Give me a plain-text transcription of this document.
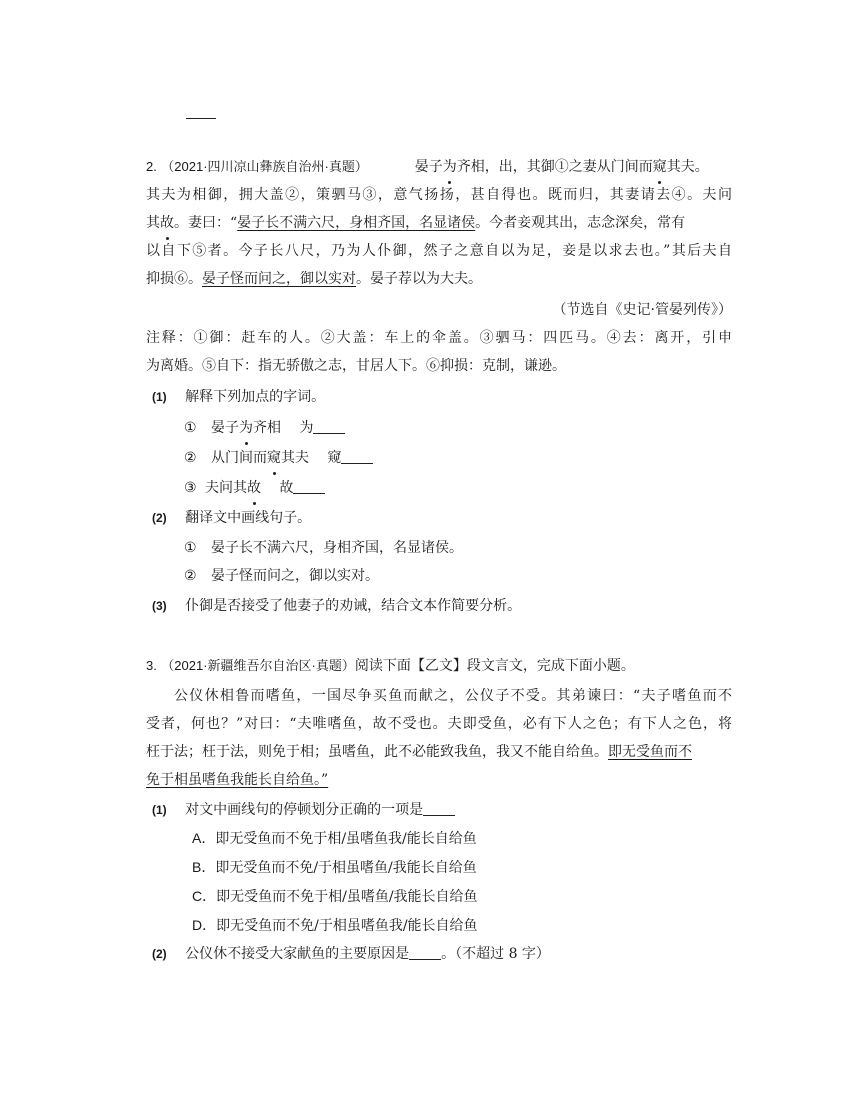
2. （2021·四川凉山彝族自治州·真题）	晏子为齐相，出，其御①之妻从门间而窥其夫。
其夫为相御，拥大盖②，策驷马③，意气扬扬，甚自得也。既而归，其妻请去④。夫问
其故。妻曰：“晏子长不满六尺，身相齐国，名显诸侯。今者妾观其出，志念深矣，常有
以自下⑤者。今子长八尺，乃为人仆御，然子之意自以为足，妾是以求去也。”其后夫自
抑损⑥。晏子怪而问之，御以实对。晏子荐以为大夫。
（节选自《史记·管晏列传》）
注释：①御：赶车的人。②大盖：车上的伞盖。③驷马：四匹马。④去：离开，引申
为离婚。⑤自下：指无骄傲之志，甘居人下。⑥抑损：克制，谦逊。
(1) 解释下列加点的字词。
① 晏子为齐相 为
② 从门间而窥其夫 窥
③ 夫问其故 故
(2) 翻译文中画线句子。
① 晏子长不满六尺，身相齐国，名显诸侯。
② 晏子怪而问之，御以实对。
(3) 仆御是否接受了他妻子的劝诫，结合文本作简要分析。
3. （2021·新疆维吾尔自治区·真题）阅读下面【乙文】段文言文，完成下面小题。
公仪休相鲁而嗜鱼，一国尽争买鱼而献之，公仪子不受。其弟谏曰：“夫子嗜鱼而不
受者，何也？”对曰：“夫唯嗜鱼，故不受也。夫即受鱼，必有下人之色；有下人之色，将
枉于法；枉于法，则免于相；虽嗜鱼，此不必能致我鱼，我又不能自给鱼。即无受鱼而不
免于相虽嗜鱼我能长自给鱼。”
(1) 对文中画线句的停顿划分正确的一项是
A．即无受鱼而不免于相/虽嗜鱼我/能长自给鱼
B．即无受鱼而不免/于相虽嗜鱼/我能长自给鱼
C．即无受鱼而不免于相/虽嗜鱼/我能长自给鱼
D．即无受鱼而不免/于相虽嗜鱼我/能长自给鱼
(2) 公仪休不接受大家献鱼的主要原因是 。（不超过 8 字）
